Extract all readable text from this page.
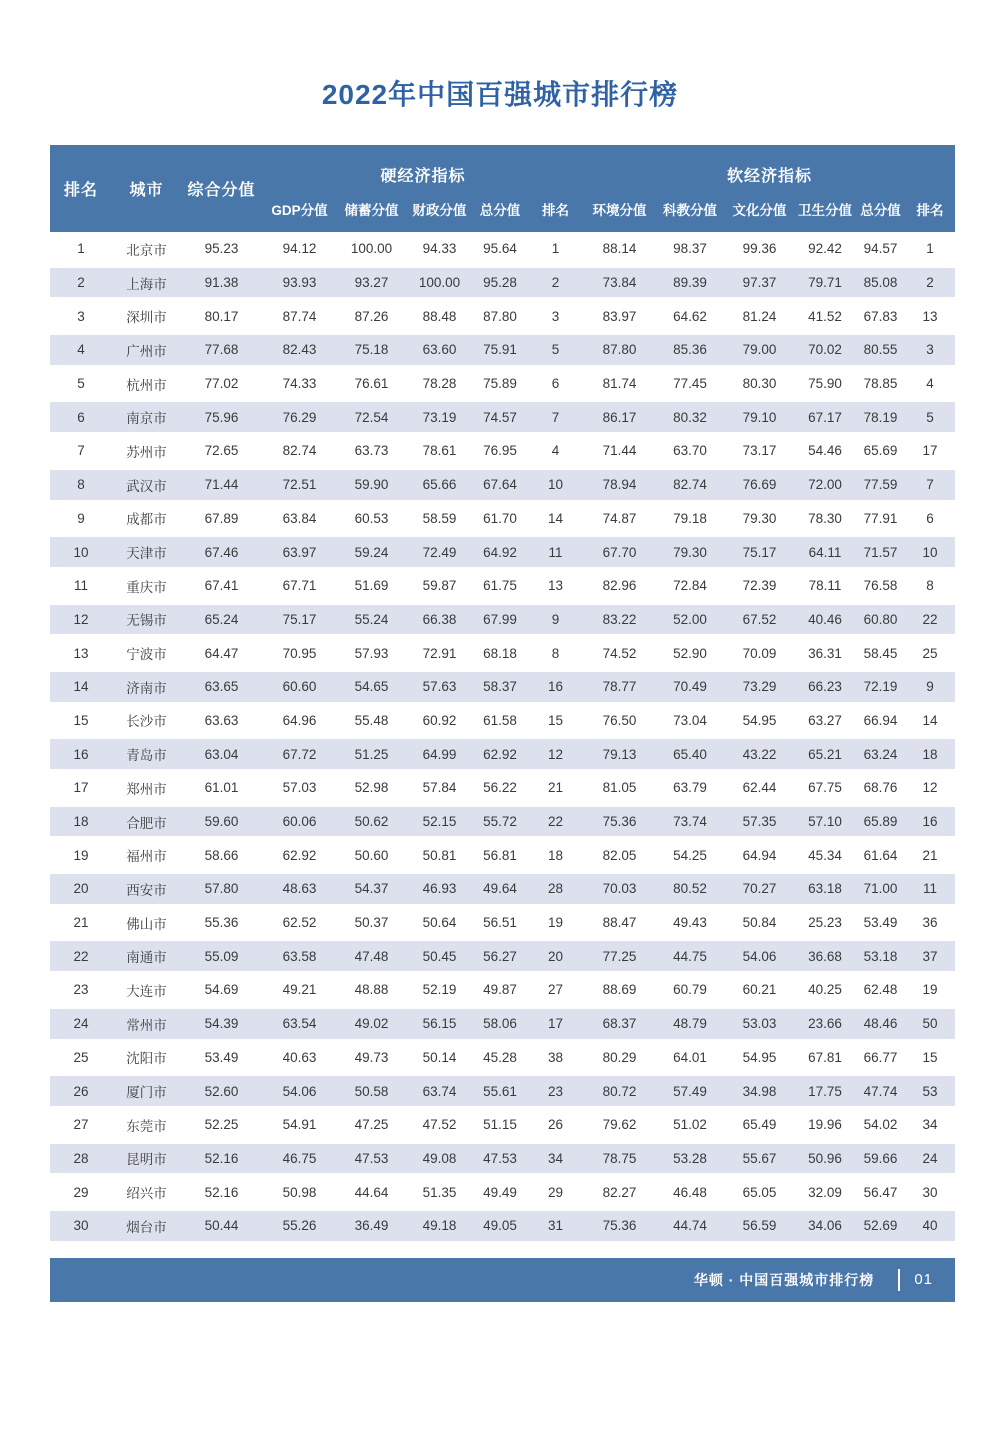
2022年中国百强城市排行榜
排名	城市	综合分值	硬经济指标					软经济指标					
			GDP分值	储蓄分值	财政分值	总分值	排名	环境分值	科教分值	文化分值	卫生分值	总分值	排名
1	北京市	95.23	94.12	100.00	94.33	95.64	1	88.14	98.37	99.36	92.42	94.57	1
2	上海市	91.38	93.93	93.27	100.00	95.28	2	73.84	89.39	97.37	79.71	85.08	2
3	深圳市	80.17	87.74	87.26	88.48	87.80	3	83.97	64.62	81.24	41.52	67.83	13
4	广州市	77.68	82.43	75.18	63.60	75.91	5	87.80	85.36	79.00	70.02	80.55	3
5	杭州市	77.02	74.33	76.61	78.28	75.89	6	81.74	77.45	80.30	75.90	78.85	4
6	南京市	75.96	76.29	72.54	73.19	74.57	7	86.17	80.32	79.10	67.17	78.19	5
7	苏州市	72.65	82.74	63.73	78.61	76.95	4	71.44	63.70	73.17	54.46	65.69	17
8	武汉市	71.44	72.51	59.90	65.66	67.64	10	78.94	82.74	76.69	72.00	77.59	7
9	成都市	67.89	63.84	60.53	58.59	61.70	14	74.87	79.18	79.30	78.30	77.91	6
10	天津市	67.46	63.97	59.24	72.49	64.92	11	67.70	79.30	75.17	64.11	71.57	10
11	重庆市	67.41	67.71	51.69	59.87	61.75	13	82.96	72.84	72.39	78.11	76.58	8
12	无锡市	65.24	75.17	55.24	66.38	67.99	9	83.22	52.00	67.52	40.46	60.80	22
13	宁波市	64.47	70.95	57.93	72.91	68.18	8	74.52	52.90	70.09	36.31	58.45	25
14	济南市	63.65	60.60	54.65	57.63	58.37	16	78.77	70.49	73.29	66.23	72.19	9
15	长沙市	63.63	64.96	55.48	60.92	61.58	15	76.50	73.04	54.95	63.27	66.94	14
16	青岛市	63.04	67.72	51.25	64.99	62.92	12	79.13	65.40	43.22	65.21	63.24	18
17	郑州市	61.01	57.03	52.98	57.84	56.22	21	81.05	63.79	62.44	67.75	68.76	12
18	合肥市	59.60	60.06	50.62	52.15	55.72	22	75.36	73.74	57.35	57.10	65.89	16
19	福州市	58.66	62.92	50.60	50.81	56.81	18	82.05	54.25	64.94	45.34	61.64	21
20	西安市	57.80	48.63	54.37	46.93	49.64	28	70.03	80.52	70.27	63.18	71.00	11
21	佛山市	55.36	62.52	50.37	50.64	56.51	19	88.47	49.43	50.84	25.23	53.49	36
22	南通市	55.09	63.58	47.48	50.45	56.27	20	77.25	44.75	54.06	36.68	53.18	37
23	大连市	54.69	49.21	48.88	52.19	49.87	27	88.69	60.79	60.21	40.25	62.48	19
24	常州市	54.39	63.54	49.02	56.15	58.06	17	68.37	48.79	53.03	23.66	48.46	50
25	沈阳市	53.49	40.63	49.73	50.14	45.28	38	80.29	64.01	54.95	67.81	66.77	15
26	厦门市	52.60	54.06	50.58	63.74	55.61	23	80.72	57.49	34.98	17.75	47.74	53
27	东莞市	52.25	54.91	47.25	47.52	51.15	26	79.62	51.02	65.49	19.96	54.02	34
28	昆明市	52.16	46.75	47.53	49.08	47.53	34	78.75	53.28	55.67	50.96	59.66	24
29	绍兴市	52.16	50.98	44.64	51.35	49.49	29	82.27	46.48	65.05	32.09	56.47	30
30	烟台市	50.44	55.26	36.49	49.18	49.05	31	75.36	44.74	56.59	34.06	52.69	40
华顿 · 中国百强城市排行榜	01
